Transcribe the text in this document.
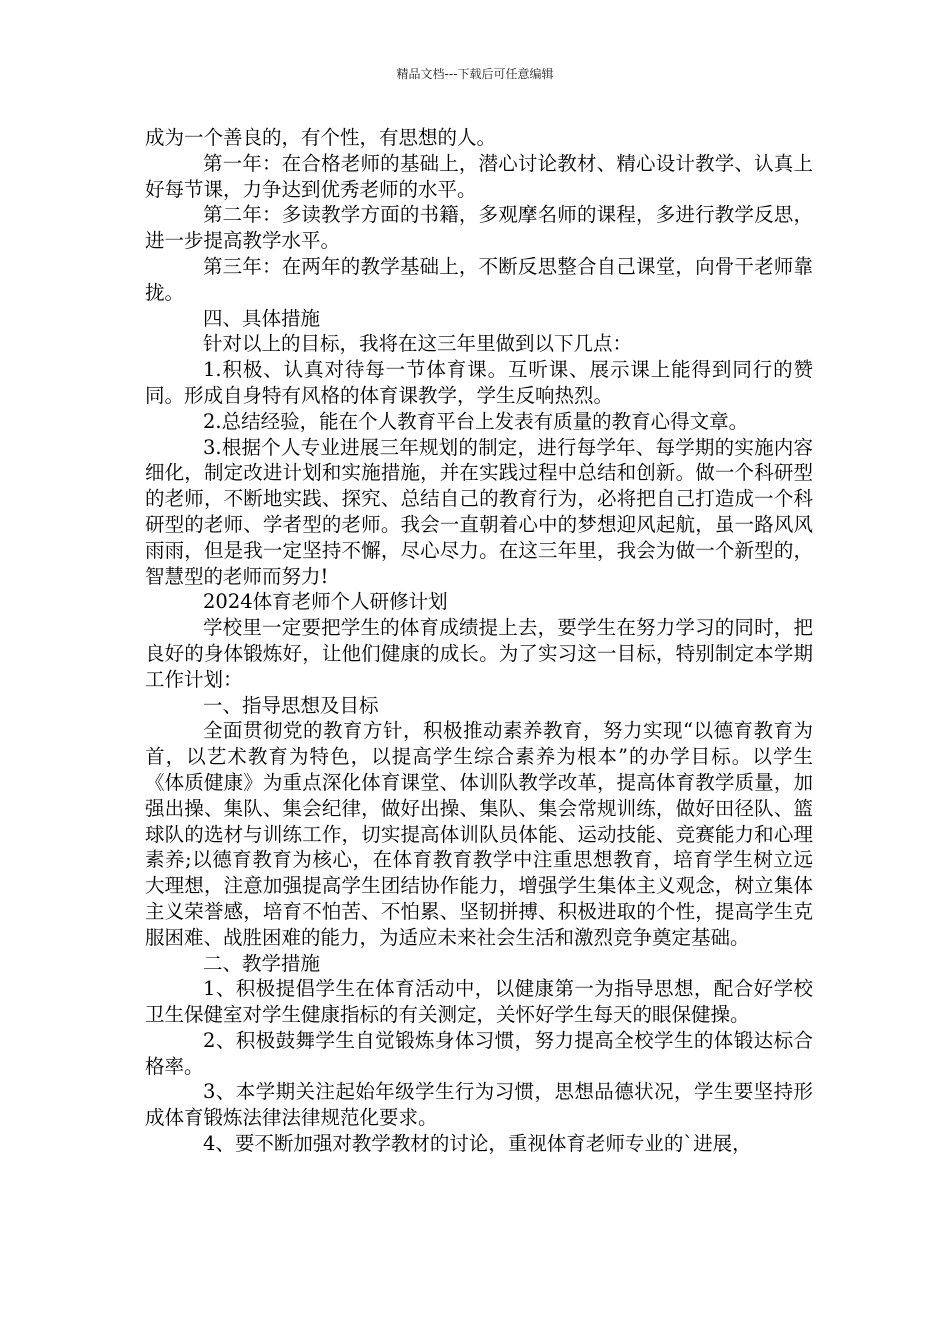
精品文档---下载后可任意编辑

成为一个善良的，有个性，有思想的人。

第一年：在合格老师的基础上，潜心讨论教材、精心设计教学、认真上好每节课，力争达到优秀老师的水平。

第二年：多读教学方面的书籍，多观摩名师的课程，多进行教学反思，进一步提高教学水平。

第三年：在两年的教学基础上，不断反思整合自己课堂，向骨干老师靠拢。

四、具体措施

针对以上的目标，我将在这三年里做到以下几点：

1.积极、认真对待每一节体育课。互听课、展示课上能得到同行的赞同。形成自身特有风格的体育课教学，学生反响热烈。

2.总结经验，能在个人教育平台上发表有质量的教育心得文章。

3.根据个人专业进展三年规划的制定，进行每学年、每学期的实施内容细化，制定改进计划和实施措施，并在实践过程中总结和创新。做一个科研型的老师，不断地实践、探究、总结自己的教育行为，必将把自己打造成一个科研型的老师、学者型的老师。我会一直朝着心中的梦想迎风起航，虽一路风风雨雨，但是我一定坚持不懈，尽心尽力。在这三年里，我会为做一个新型的，智慧型的老师而努力!

2024体育老师个人研修计划

学校里一定要把学生的体育成绩提上去，要学生在努力学习的同时，把良好的身体锻炼好，让他们健康的成长。为了实习这一目标，特别制定本学期工作计划：

一、指导思想及目标

全面贯彻党的教育方针，积极推动素养教育，努力实现“以德育教育为首，以艺术教育为特色，以提高学生综合素养为根本”的办学目标。以学生《体质健康》为重点深化体育课堂、体训队教学改革，提高体育教学质量，加强出操、集队、集会纪律，做好出操、集队、集会常规训练，做好田径队、篮球队的选材与训练工作，切实提高体训队员体能、运动技能、竞赛能力和心理素养;以德育教育为核心，在体育教育教学中注重思想教育，培育学生树立远大理想，注意加强提高学生团结协作能力，增强学生集体主义观念，树立集体主义荣誉感，培育不怕苦、不怕累、坚韧拼搏、积极进取的个性，提高学生克服困难、战胜困难的能力，为适应未来社会生活和激烈竞争奠定基础。

二、教学措施

1、积极提倡学生在体育活动中，以健康第一为指导思想，配合好学校卫生保健室对学生健康指标的有关测定，关怀好学生每天的眼保健操。

2、积极鼓舞学生自觉锻炼身体习惯，努力提高全校学生的体锻达标合格率。

3、本学期关注起始年级学生行为习惯，思想品德状况，学生要坚持形成体育锻炼法律法律规范化要求。

4、要不断加强对教学教材的讨论，重视体育老师专业的`进展，
